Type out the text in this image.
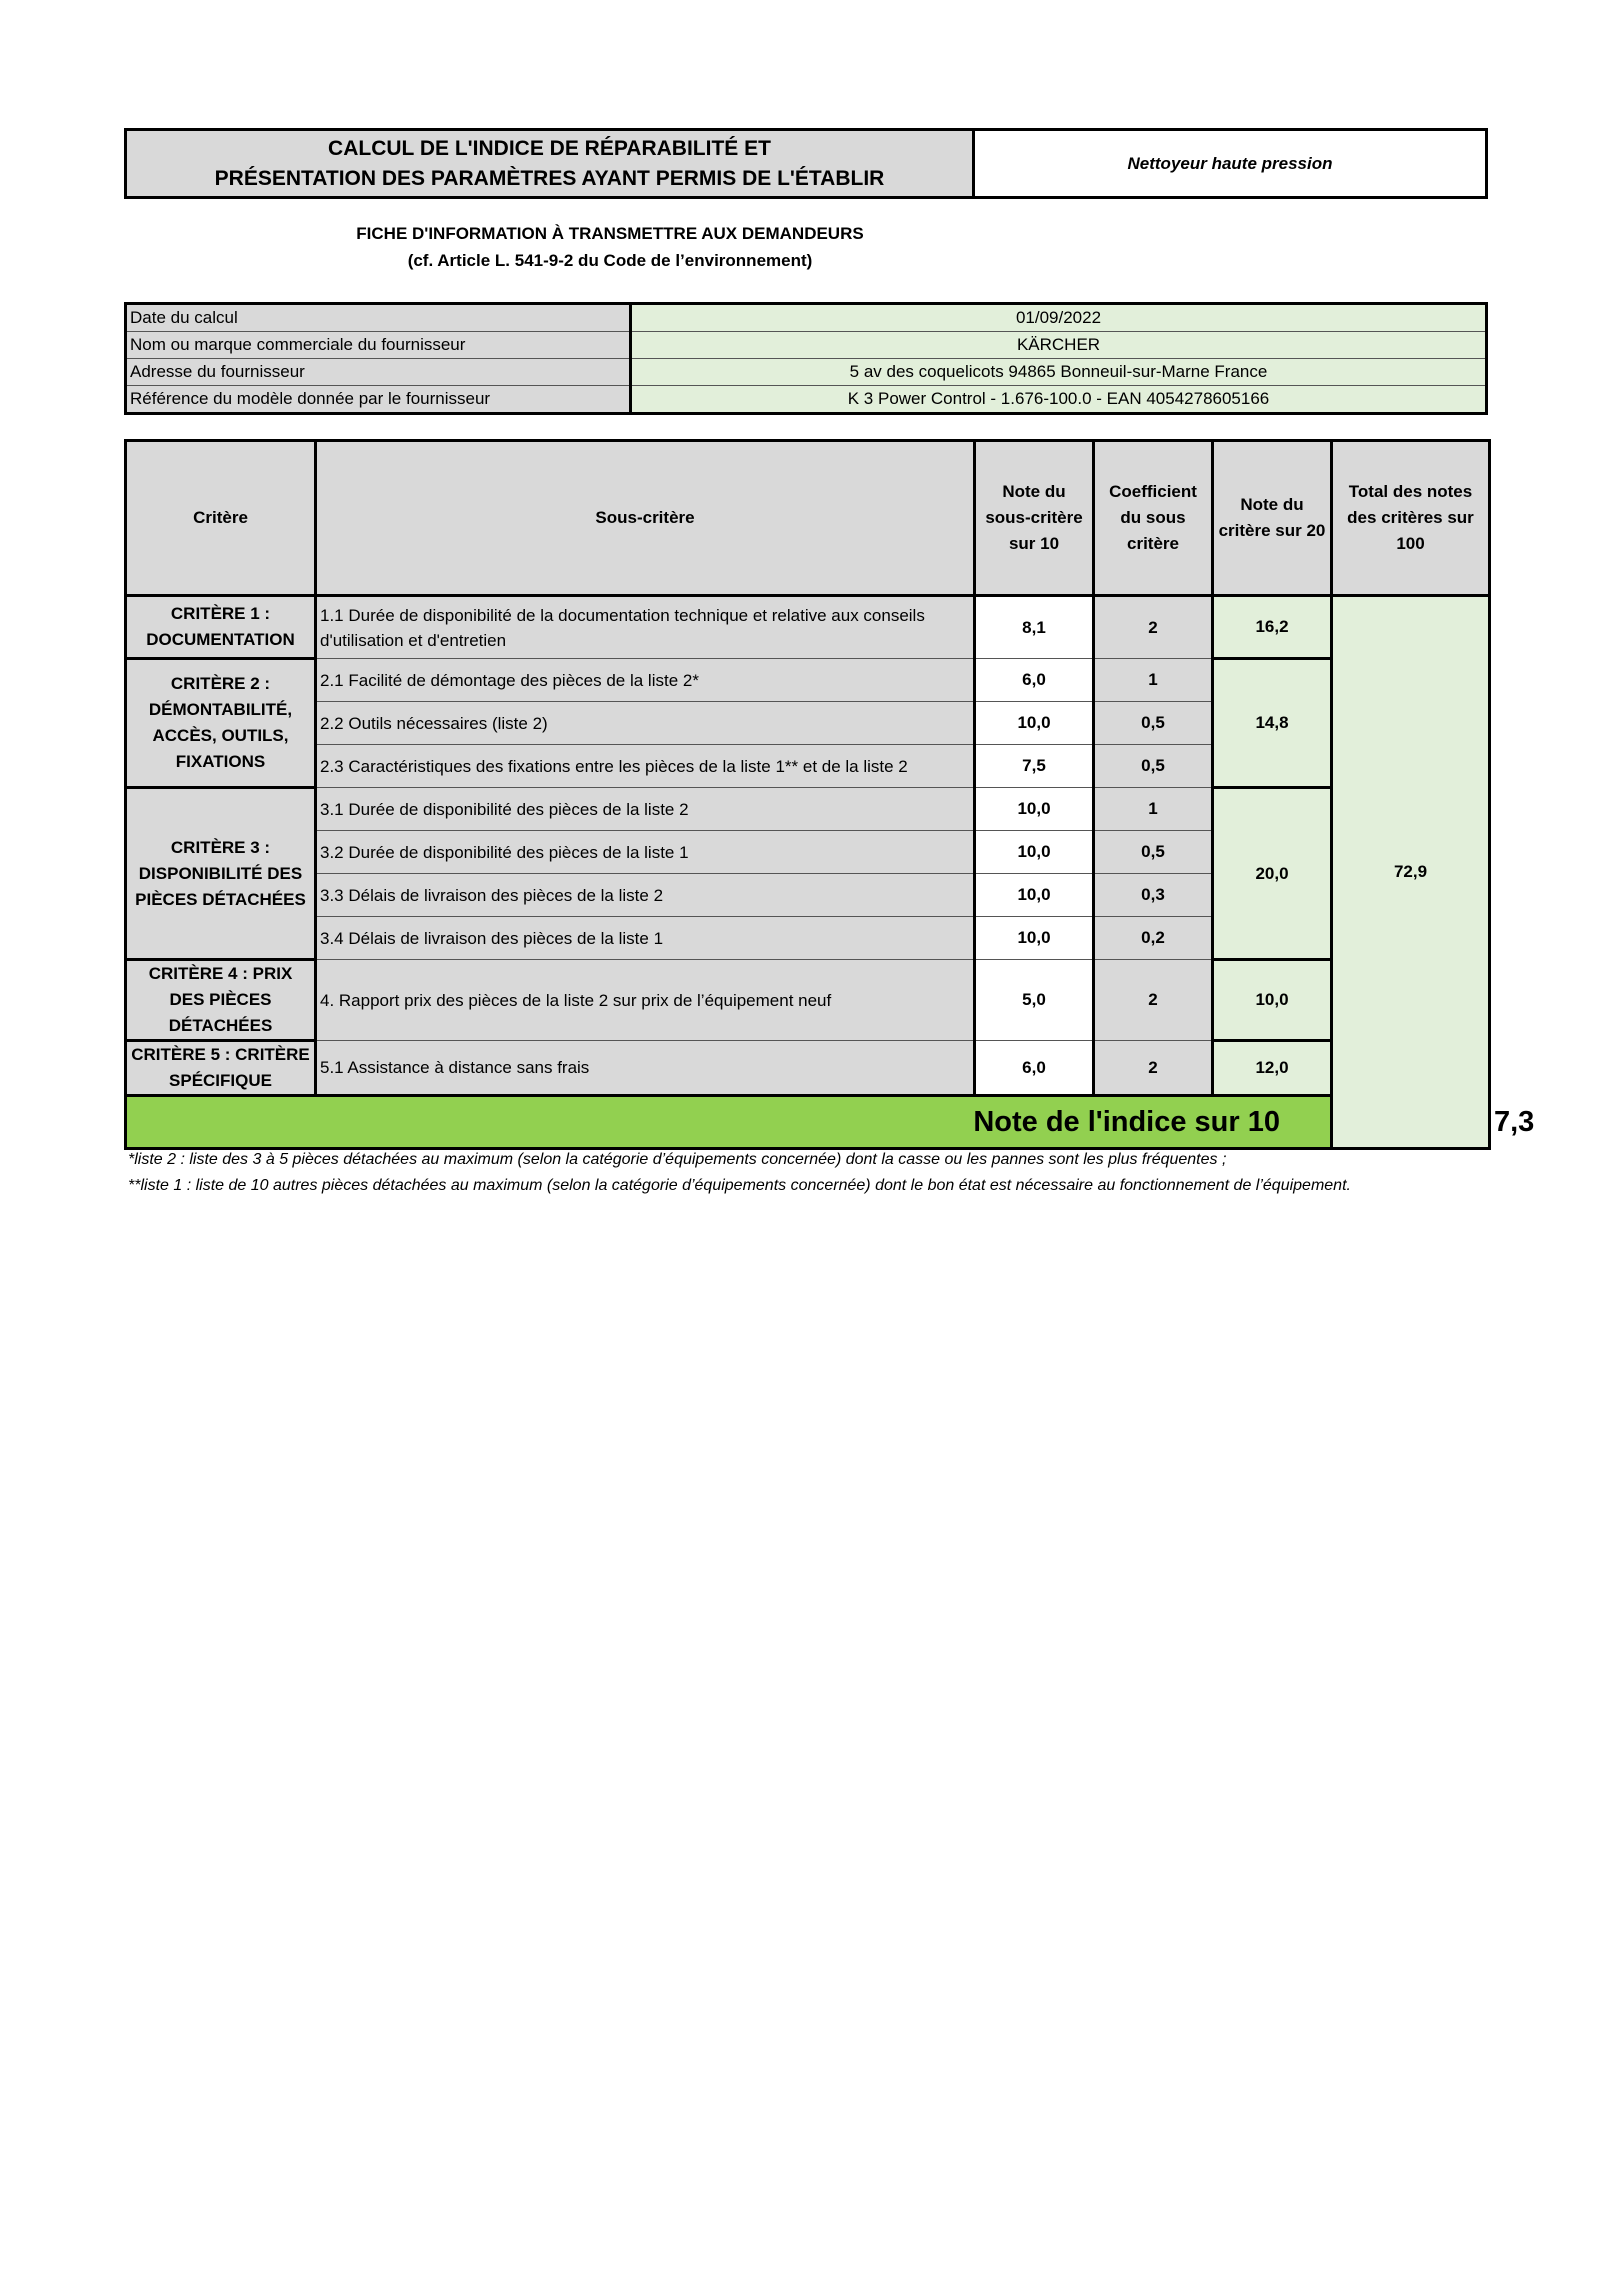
CALCUL DE L'INDICE DE RÉPARABILITÉ ET
PRÉSENTATION DES PARAMÈTRES AYANT PERMIS DE L'ÉTABLIR
	Nettoyeur haute pression
FICHE D'INFORMATION À TRANSMETTRE AUX DEMANDEURS
(cf. Article L. 541-9-2 du Code de l’environnement)
Date du calcul	01/09/2022
Nom ou marque commerciale du fournisseur	KÄRCHER
Adresse du fournisseur	5 av des coquelicots 94865 Bonneuil-sur-Marne France
Référence du modèle donnée par le fournisseur	K 3 Power Control - 1.676-100.0 - EAN 4054278605166
Critère	Sous-critère	Note du sous-critère sur 10	Coefficient du sous critère	Note du critère sur 20	Total des notes des critères sur 100	
CRITÈRE 1 : DOCUMENTATION	1.1 Durée de disponibilité de la documentation technique et relative aux conseils d'utilisation et d'entretien	8,1	2	16,2	72,9	
CRITÈRE 2 : DÉMONTABILITÉ, ACCÈS, OUTILS, FIXATIONS	2.1 Facilité de démontage des pièces de la liste 2*	6,0	1	14,8		
	2.2 Outils nécessaires (liste 2)	10,0	0,5			
	2.3 Caractéristiques des fixations entre les pièces de la liste 1** et de la liste 2	7,5	0,5			
CRITÈRE 3 : DISPONIBILITÉ DES PIÈCES DÉTACHÉES	3.1 Durée de disponibilité des pièces de la liste 2	10,0	1	20,0		
	3.2 Durée de disponibilité des pièces de la liste 1	10,0	0,5			
	3.3 Délais de livraison des pièces de la liste 2	10,0	0,3			
	3.4 Délais de livraison des pièces de la liste 1	10,0	0,2			
CRITÈRE 4 : PRIX DES PIÈCES DÉTACHÉES	4. Rapport prix des pièces de la liste 2 sur prix de l’équipement neuf	5,0	2	10,0		
CRITÈRE 5 : CRITÈRE SPÉCIFIQUE	5.1 Assistance à distance sans frais	6,0	2	12,0		
Note de l'indice sur 10						7,3
*liste 2 : liste des 3 à 5 pièces détachées au maximum (selon la catégorie d’équipements concernée) dont la casse ou les pannes sont les plus fréquentes ;
**liste 1 : liste de 10 autres pièces détachées au maximum (selon la catégorie d’équipements concernée) dont le bon état est nécessaire au fonctionnement de l’équipement.
